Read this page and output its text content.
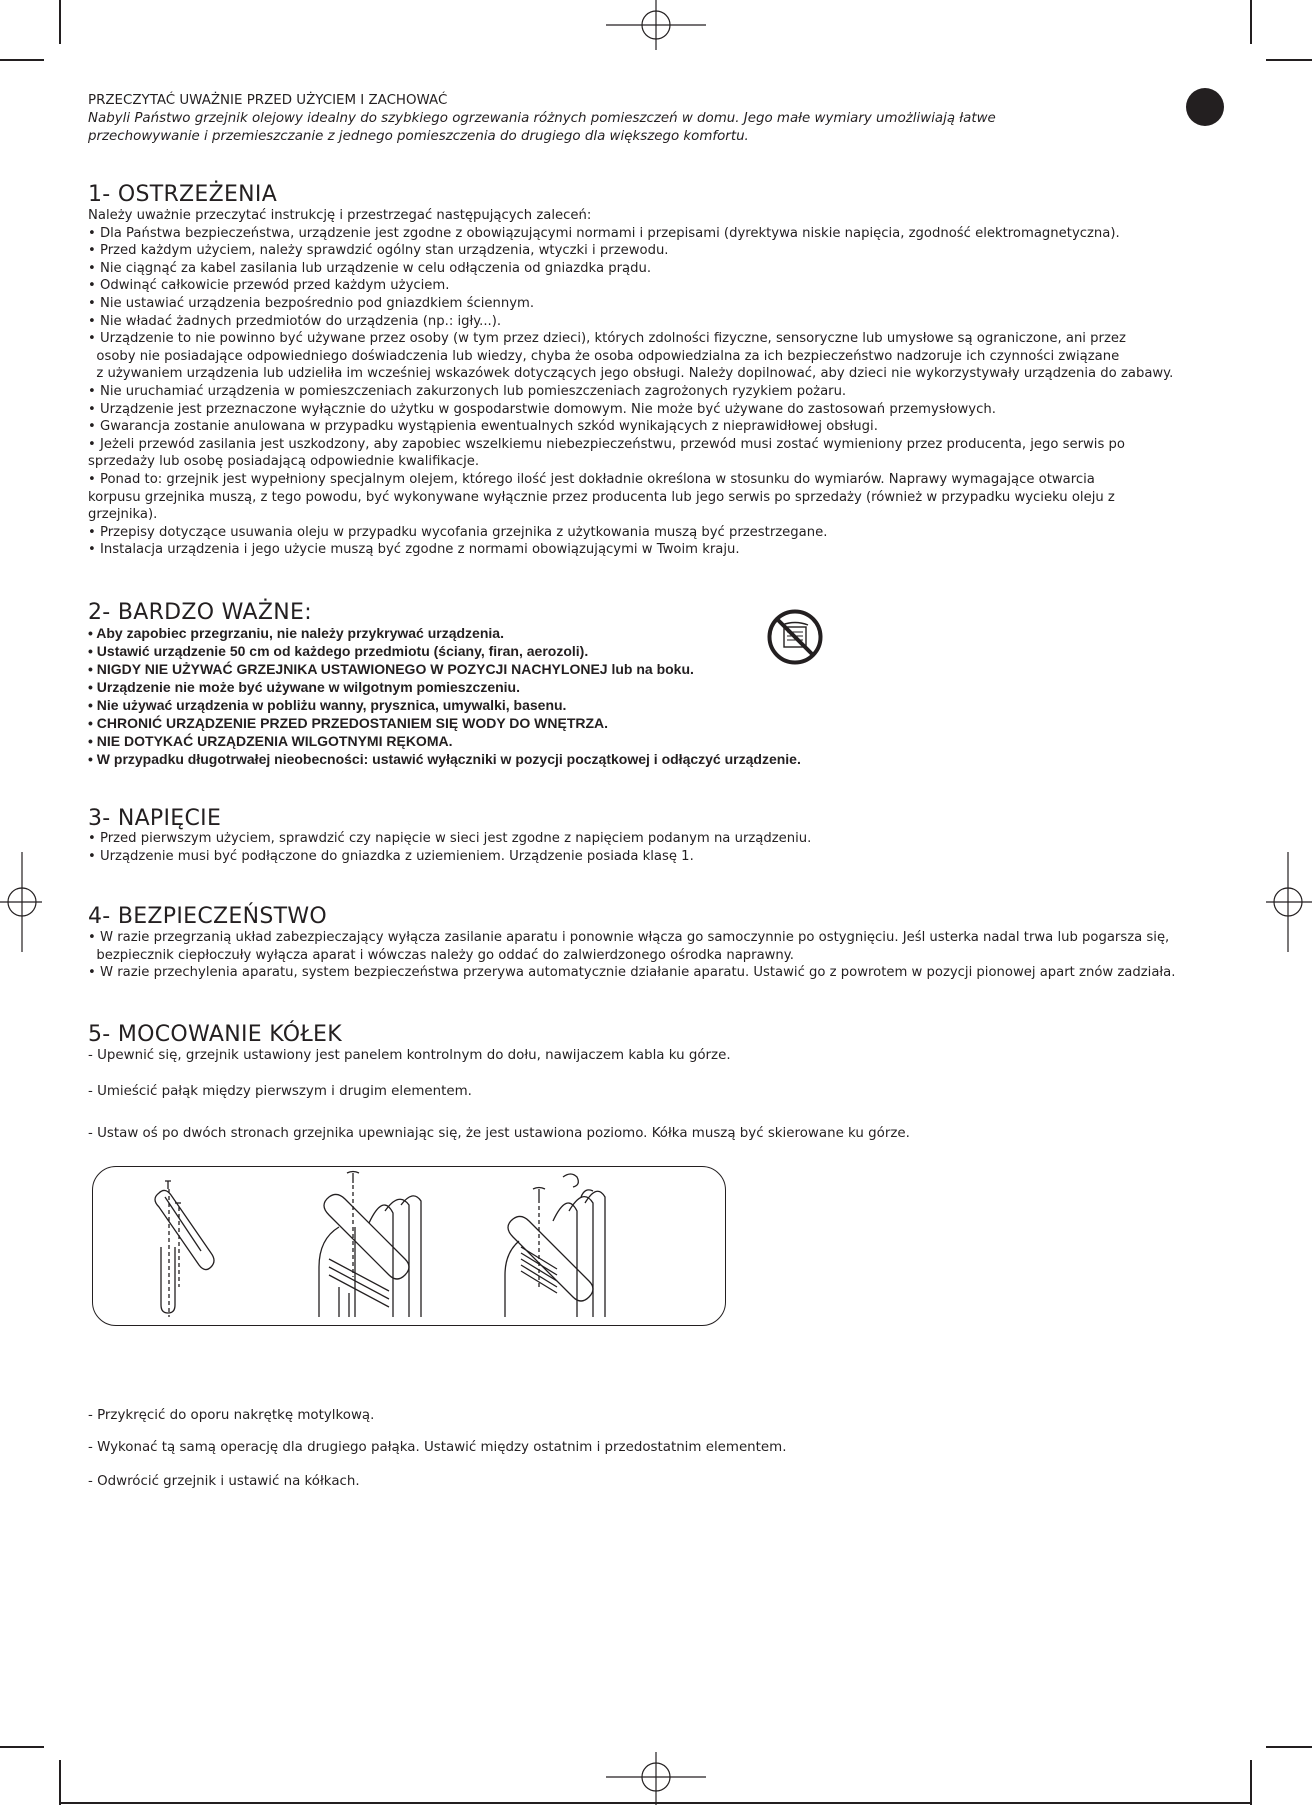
PRZECZYTAĆ UWAŻNIE PRZED UŻYCIEM I ZACHOWAĆ
Nabyli Państwo grzejnik olejowy idealny do szybkiego ogrzewania różnych pomieszczeń w domu. Jego małe wymiary umożliwiają łatwe
przechowywanie i przemieszczanie z jednego pomieszczenia do drugiego dla większego komfortu.
1- OSTRZEŻENIA
Należy uważnie przeczytać instrukcję i przestrzegać następujących zaleceń:
• Dla Państwa bezpieczeństwa, urządzenie jest zgodne z obowiązującymi normami i przepisami (dyrektywa niskie napięcia, zgodność elektromagnetyczna).
• Przed każdym użyciem, należy sprawdzić ogólny stan urządzenia, wtyczki i przewodu.
• Nie ciągnąć za kabel zasilania lub urządzenie w celu odłączenia od gniazdka prądu.
• Odwinąć całkowicie przewód przed każdym użyciem.
• Nie ustawiać urządzenia bezpośrednio pod gniazdkiem ściennym.
• Nie władać żadnych przedmiotów do urządzenia (np.: igły...).
• Urządzenie to nie powinno być używane przez osoby (w tym przez dzieci), których zdolności fizyczne, sensoryczne lub umysłowe są ograniczone, ani przez
osoby nie posiadające odpowiedniego doświadczenia lub wiedzy, chyba że osoba odpowiedzialna za ich bezpieczeństwo nadzoruje ich czynności związane
z używaniem urządzenia lub udzieliła im wcześniej wskazówek dotyczących jego obsługi. Należy dopilnować, aby dzieci nie wykorzystywały urządzenia do zabawy.
• Nie uruchamiać urządzenia w pomieszczeniach zakurzonych lub pomieszczeniach zagrożonych ryzykiem pożaru.
• Urządzenie jest przeznaczone wyłącznie do użytku w gospodarstwie domowym. Nie może być używane do zastosowań przemysłowych.
• Gwarancja zostanie anulowana w przypadku wystąpienia ewentualnych szkód wynikających z nieprawidłowej obsługi.
• Jeżeli przewód zasilania jest uszkodzony, aby zapobiec wszelkiemu niebezpieczeństwu, przewód musi zostać wymieniony przez producenta, jego serwis po
sprzedaży lub osobę posiadającą odpowiednie kwalifikacje.
• Ponad to: grzejnik jest wypełniony specjalnym olejem, którego ilość jest dokładnie określona w stosunku do wymiarów. Naprawy wymagające otwarcia
korpusu grzejnika muszą, z tego powodu, być wykonywane wyłącznie przez producenta lub jego serwis po sprzedaży (również w przypadku wycieku oleju z
grzejnika).
• Przepisy dotyczące usuwania oleju w przypadku wycofania grzejnika z użytkowania muszą być przestrzegane.
• Instalacja urządzenia i jego użycie muszą być zgodne z normami obowiązującymi w Twoim kraju.
2- BARDZO WAŻNE:
• Aby zapobiec przegrzaniu, nie należy przykrywać urządzenia.
• Ustawić urządzenie 50 cm od każdego przedmiotu (ściany, firan, aerozoli).
• NIGDY NIE UŻYWAĆ GRZEJNIKA USTAWIONEGO W POZYCJI NACHYLONEJ lub na boku.
• Urządzenie nie może być używane w wilgotnym pomieszczeniu.
• Nie używać urządzenia w pobliżu wanny, prysznica, umywalki, basenu.
• CHRONIĆ URZĄDZENIE PRZED PRZEDOSTANIEM SIĘ WODY DO WNĘTRZA.
• NIE DOTYKAĆ URZĄDZENIA WILGOTNYMI RĘKOMA.
• W przypadku długotrwałej nieobecności: ustawić wyłączniki w pozycji początkowej i odłączyć urządzenie.
3- NAPIĘCIE
• Przed pierwszym użyciem, sprawdzić czy napięcie w sieci jest zgodne z napięciem podanym na urządzeniu.
• Urządzenie musi być podłączone do gniazdka z uziemieniem. Urządzenie posiada klasę 1.
4- BEZPIECZEŃSTWO
• W razie przegrzanią układ zabezpieczający wyłącza zasilanie aparatu i ponownie włącza go samoczynnie po ostygnięciu. Jeśl usterka nadal trwa lub pogarsza się,
bezpiecznik ciepłoczuły wyłącza aparat i wówczas należy go oddać do zalwierdzonego ośrodka naprawny.
• W razie przechylenia aparatu, system bezpieczeństwa przerywa automatycznie działanie aparatu. Ustawić go z powrotem w pozycji pionowej apart znów zadziała.
5- MOCOWANIE KÓŁEK
- Upewnić się, grzejnik ustawiony jest panelem kontrolnym do dołu, nawijaczem kabla ku górze.
- Umieścić pałąk między pierwszym i drugim elementem.
- Ustaw oś po dwóch stronach grzejnika upewniając się, że jest ustawiona poziomo. Kółka muszą być skierowane ku górze.
- Przykręcić do oporu nakrętkę motylkową.
- Wykonać tą samą operację dla drugiego pałąka. Ustawić między ostatnim i przedostatnim elementem.
- Odwrócić grzejnik i ustawić na kółkach.
